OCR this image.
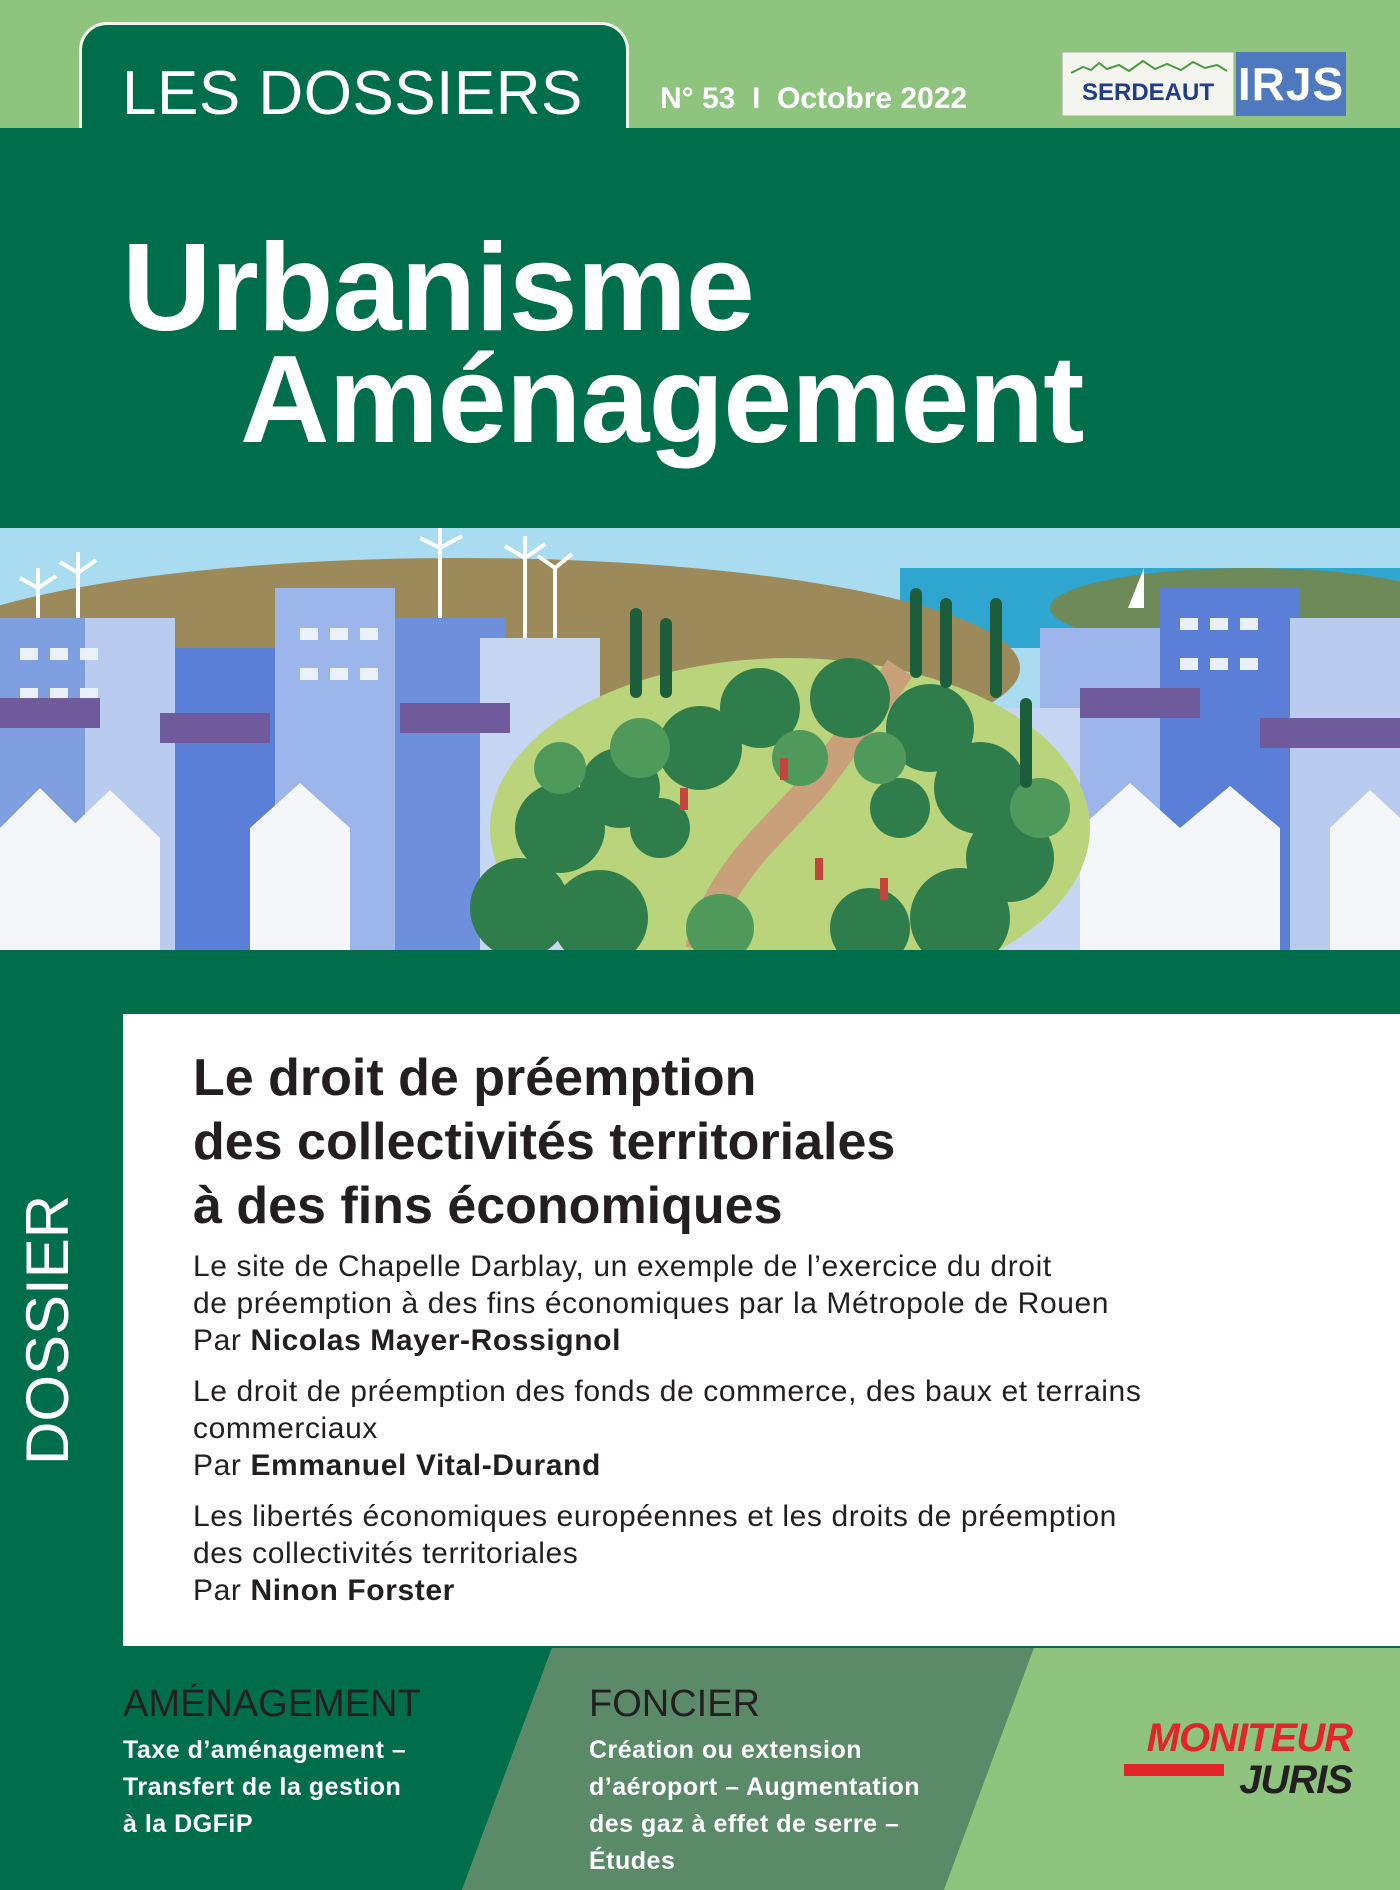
LES DOSSIERS	N° 53  I  Octobre 2022	SERDEAUT IRJS
Urbanisme
Aménagement
DOSSIER
Le droit de préemption
des collectivités territoriales
à des fins économiques
Le site de Chapelle Darblay, un exemple de l’exercice du droit
de préemption à des fins économiques par la Métropole de Rouen
Par Nicolas Mayer-Rossignol
Le droit de préemption des fonds de commerce, des baux et terrains
commerciaux
Par Emmanuel Vital-Durand
Les libertés économiques européennes et les droits de préemption
des collectivités territoriales
Par Ninon Forster
AMÉNAGEMENT
Taxe d’aménagement –
Transfert de la gestion
à la DGFiP
FONCIER
Création ou extension
d’aéroport – Augmentation
des gaz à effet de serre –
Études
MONITEUR
JURIS
